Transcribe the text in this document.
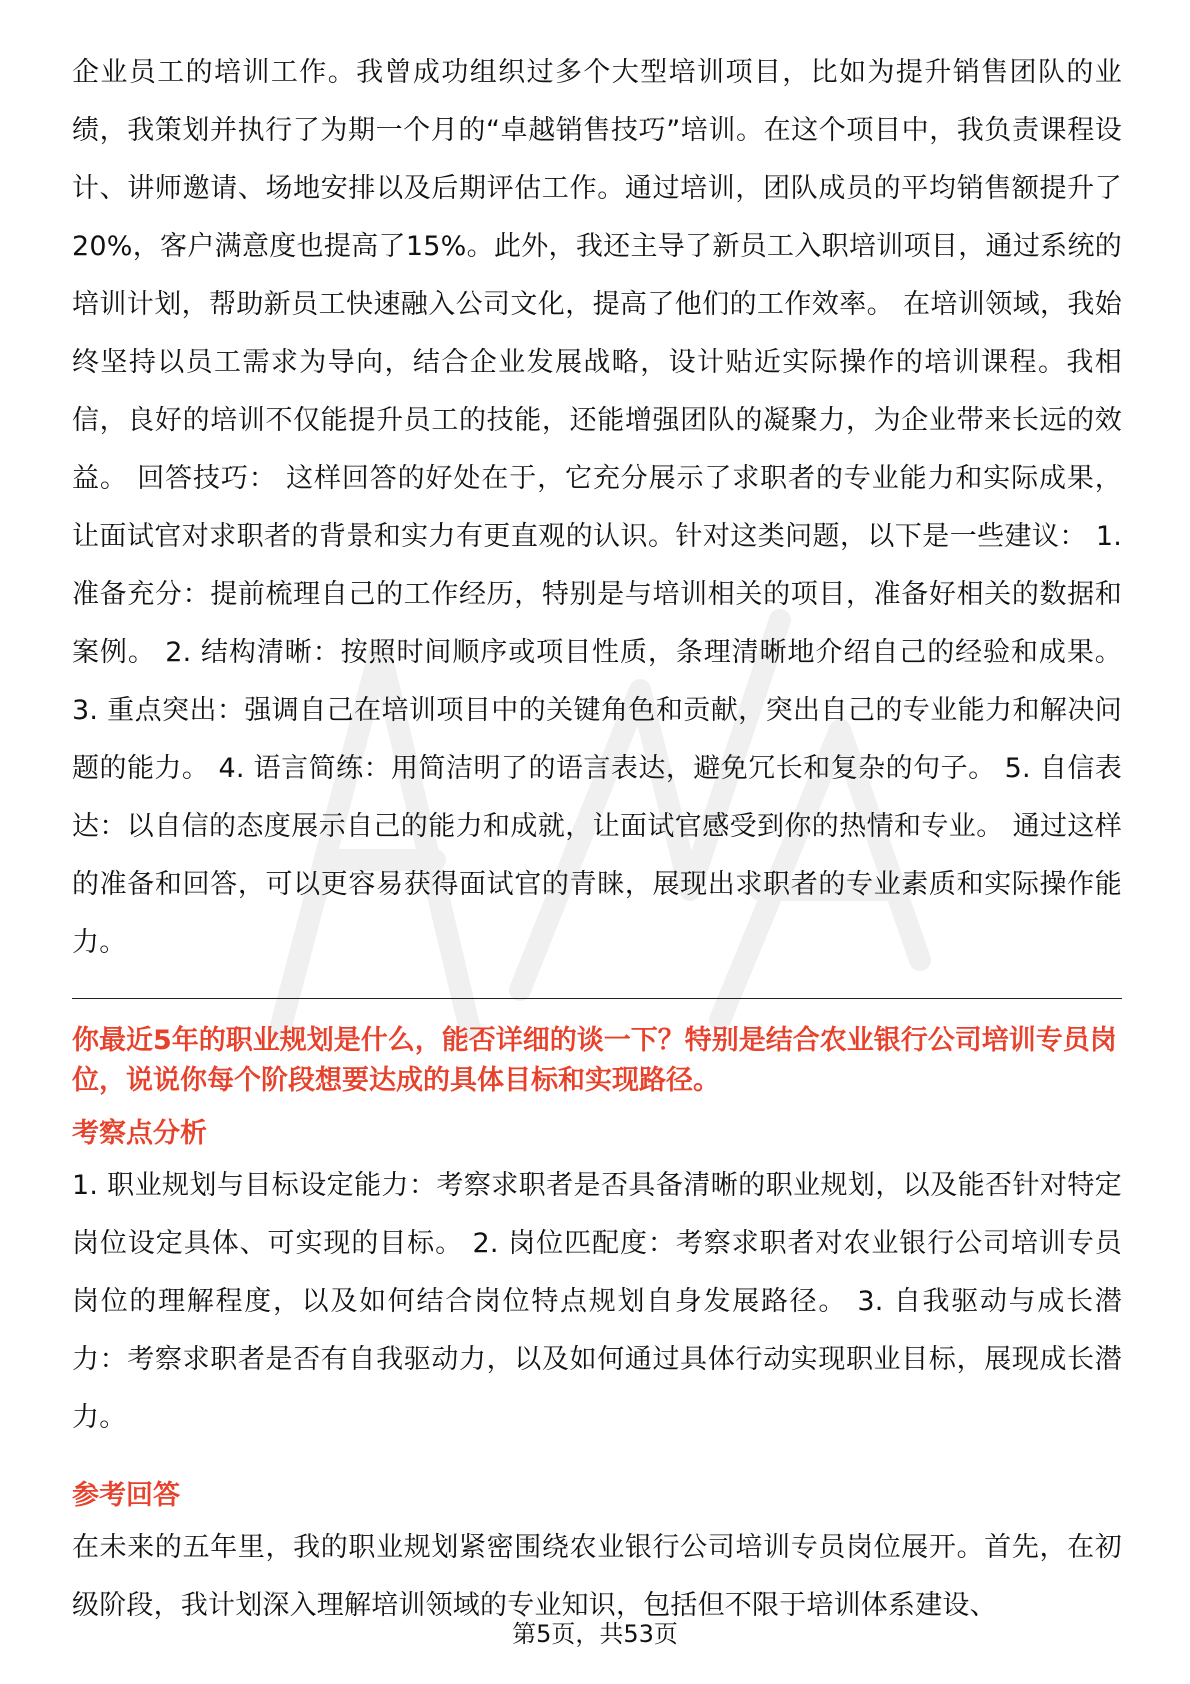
企业员工的培训工作。我曾成功组织过多个大型培训项目，比如为提升销售团队的业绩，我策划并执行了为期一个月的“卓越销售技巧”培训。在这个项目中，我负责课程设计、讲师邀请、场地安排以及后期评估工作。通过培训，团队成员的平均销售额提升了20%，客户满意度也提高了15%。此外，我还主导了新员工入职培训项目，通过系统的培训计划，帮助新员工快速融入公司文化，提高了他们的工作效率。 在培训领域，我始终坚持以员工需求为导向，结合企业发展战略，设计贴近实际操作的培训课程。我相信，良好的培训不仅能提升员工的技能，还能增强团队的凝聚力，为企业带来长远的效益。 回答技巧： 这样回答的好处在于，它充分展示了求职者的专业能力和实际成果，让面试官对求职者的背景和实力有更直观的认识。针对这类问题，以下是一些建议： 1. 准备充分：提前梳理自己的工作经历，特别是与培训相关的项目，准备好相关的数据和案例。 2. 结构清晰：按照时间顺序或项目性质，条理清晰地介绍自己的经验和成果。 3. 重点突出：强调自己在培训项目中的关键角色和贡献，突出自己的专业能力和解决问题的能力。 4. 语言简练：用简洁明了的语言表达，避免冗长和复杂的句子。 5. 自信表达：以自信的态度展示自己的能力和成就，让面试官感受到你的热情和专业。 通过这样的准备和回答，可以更容易获得面试官的青睐，展现出求职者的专业素质和实际操作能力。

你最近5年的职业规划是什么，能否详细的谈一下？特别是结合农业银行公司培训专员岗位，说说你每个阶段想要达成的具体目标和实现路径。

考察点分析

1. 职业规划与目标设定能力：考察求职者是否具备清晰的职业规划，以及能否针对特定岗位设定具体、可实现的目标。 2. 岗位匹配度：考察求职者对农业银行公司培训专员岗位的理解程度，以及如何结合岗位特点规划自身发展路径。 3. 自我驱动与成长潜力：考察求职者是否有自我驱动力，以及如何通过具体行动实现职业目标，展现成长潜力。

参考回答

在未来的五年里，我的职业规划紧密围绕农业银行公司培训专员岗位展开。首先，在初级阶段，我计划深入理解培训领域的专业知识，包括但不限于培训体系建设、

第5页，共53页
